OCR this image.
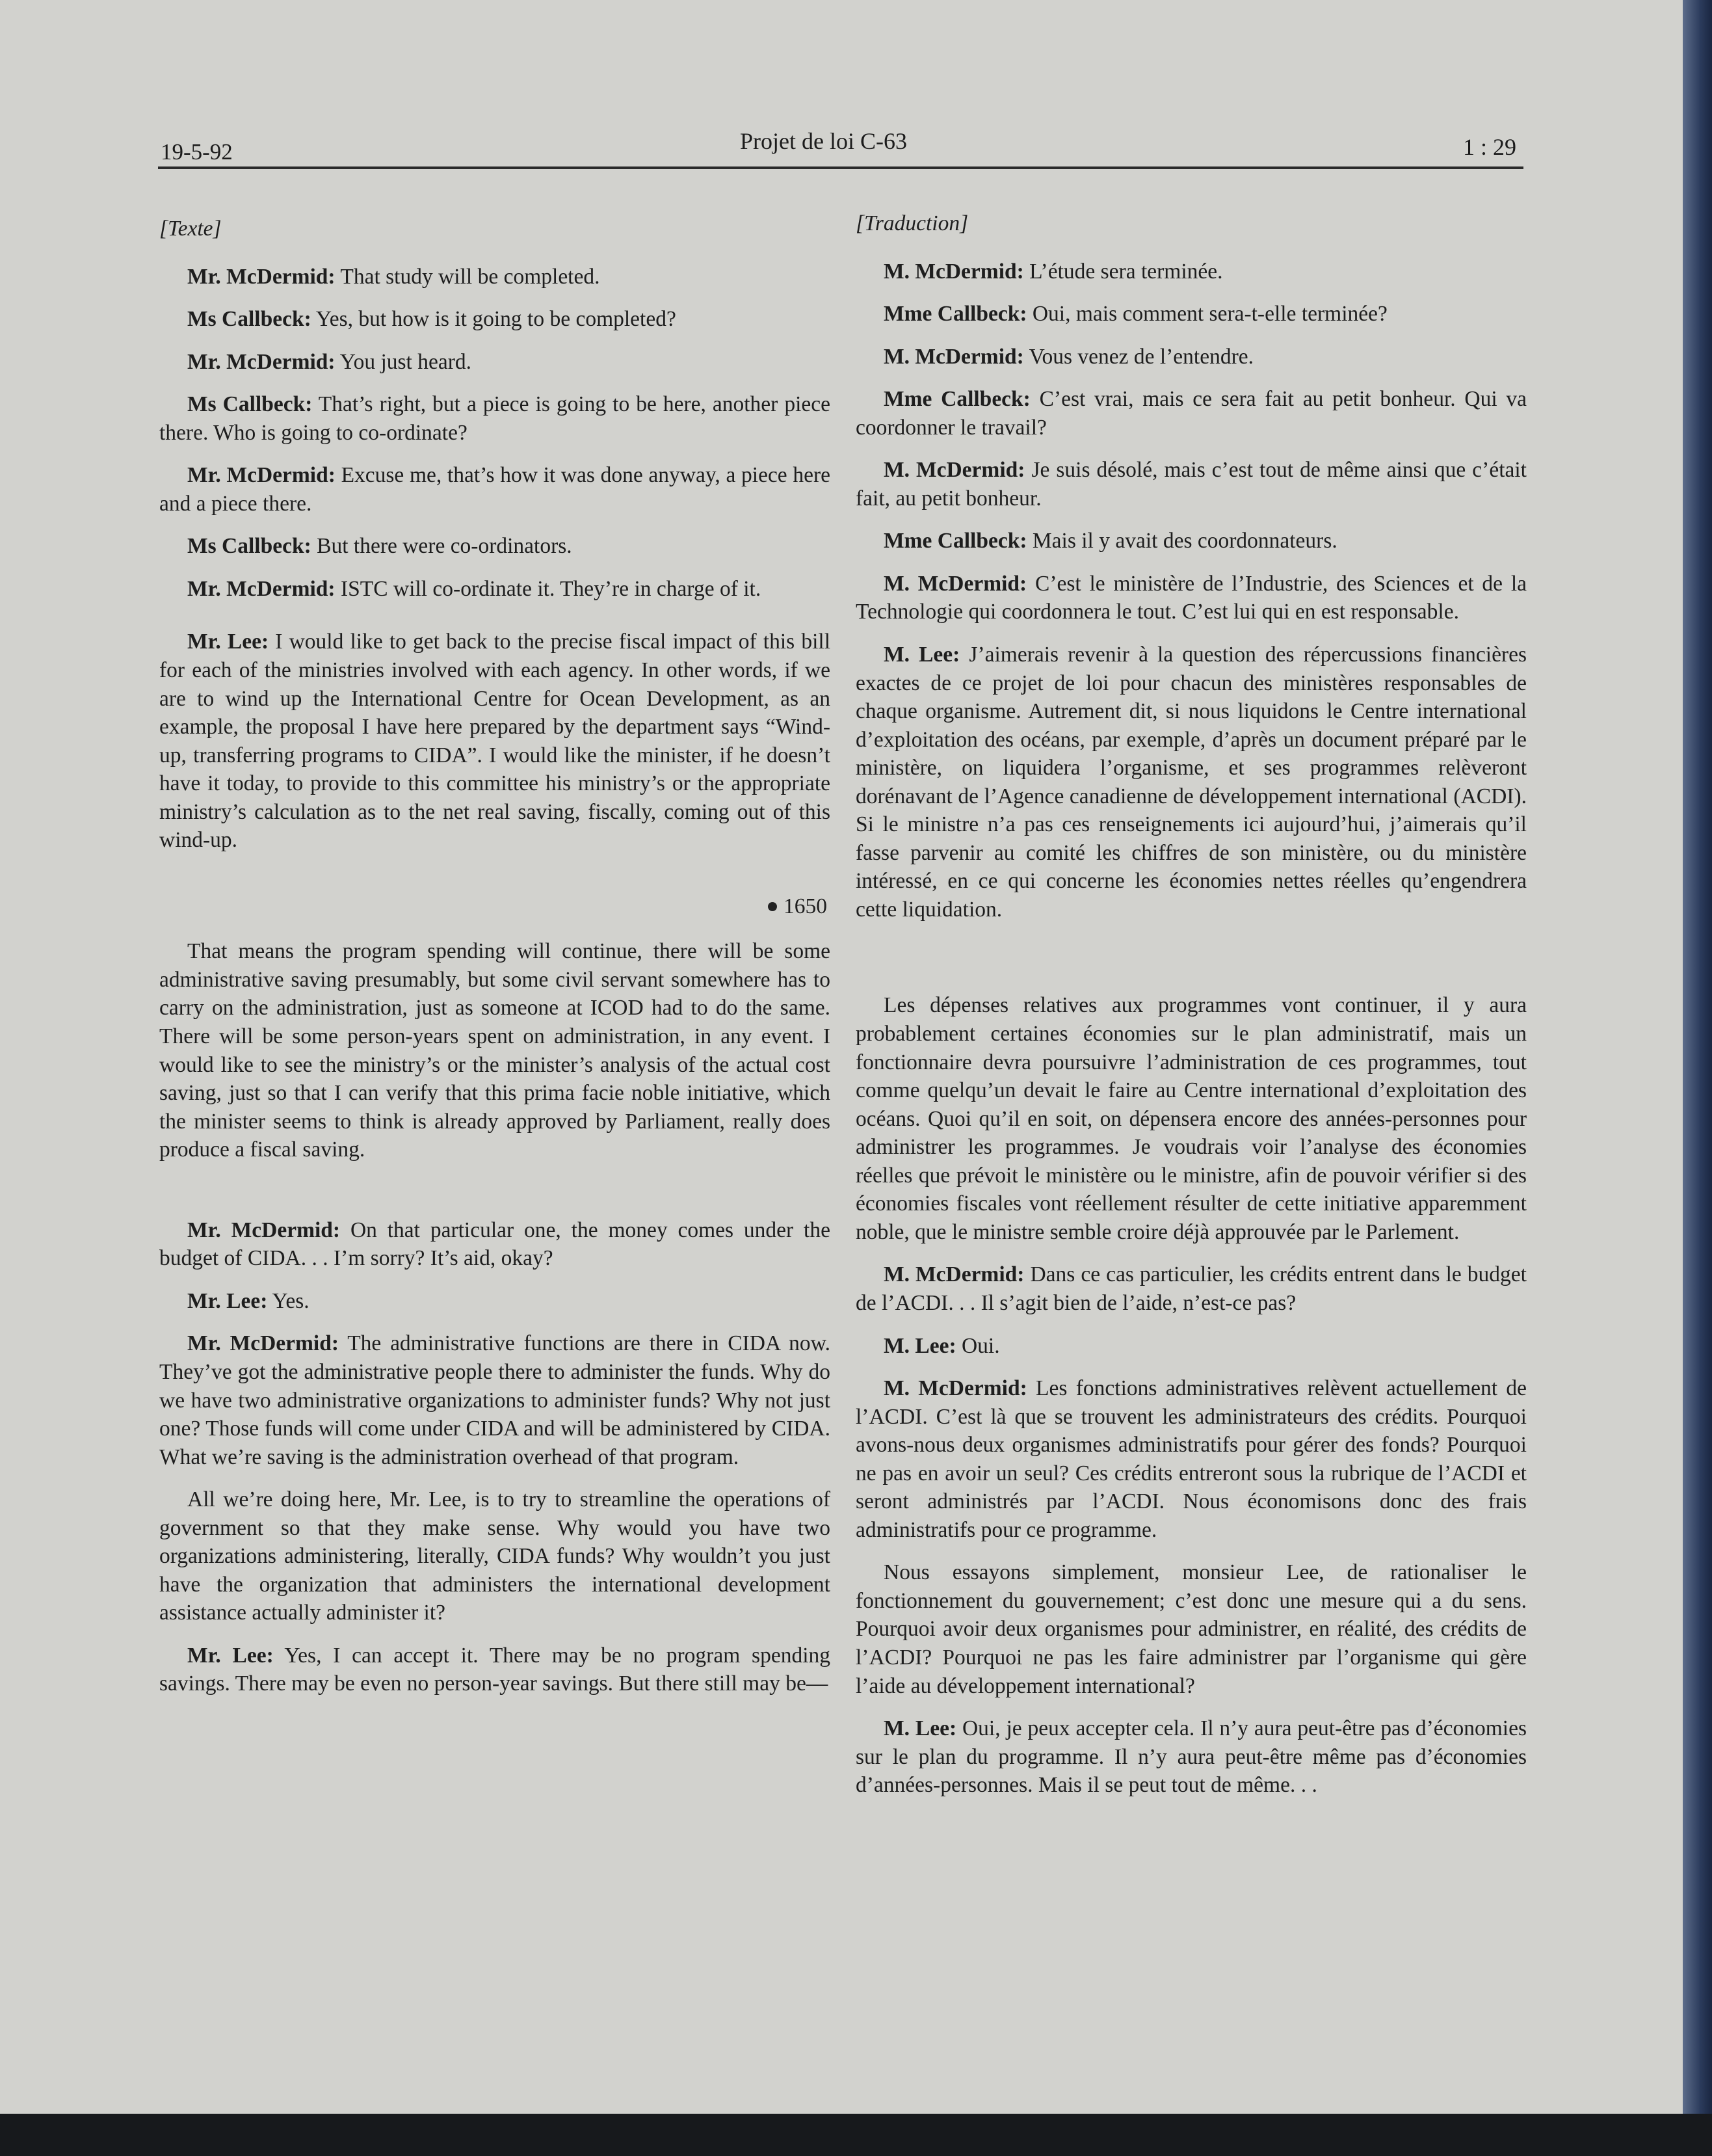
19-5-92	Projet de loi C-63	1 : 29
[Texte]

Mr. McDermid: That study will be completed.

Ms Callbeck: Yes, but how is it going to be completed?

Mr. McDermid: You just heard.

Ms Callbeck: That’s right, but a piece is going to be here, another piece there. Who is going to co-ordinate?

Mr. McDermid: Excuse me, that’s how it was done anyway, a piece here and a piece there.

Ms Callbeck: But there were co-ordinators.

Mr. McDermid: ISTC will co-ordinate it. They’re in charge of it.

Mr. Lee: I would like to get back to the precise fiscal impact of this bill for each of the ministries involved with each agency. In other words, if we are to wind up the International Centre for Ocean Development, as an example, the proposal I have here prepared by the department says “Wind-up, transferring programs to CIDA”. I would like the minister, if he doesn’t have it today, to provide to this committee his ministry’s or the appropriate ministry’s calculation as to the net real saving, fiscally, coming out of this wind-up.

1650

That means the program spending will continue, there will be some administrative saving presumably, but some civil servant somewhere has to carry on the administration, just as someone at ICOD had to do the same. There will be some person-years spent on administration, in any event. I would like to see the ministry’s or the minister’s analysis of the actual cost saving, just so that I can verify that this prima facie noble initiative, which the minister seems to think is already approved by Parliament, really does produce a fiscal saving.

Mr. McDermid: On that particular one, the money comes under the budget of CIDA. . . I’m sorry? It’s aid, okay?

Mr. Lee: Yes.

Mr. McDermid: The administrative functions are there in CIDA now. They’ve got the administrative people there to administer the funds. Why do we have two administrative organizations to administer funds? Why not just one? Those funds will come under CIDA and will be administered by CIDA. What we’re saving is the administration overhead of that program.

All we’re doing here, Mr. Lee, is to try to streamline the operations of government so that they make sense. Why would you have two organizations administering, literally, CIDA funds? Why wouldn’t you just have the organization that administers the international development assistance actually administer it?

Mr. Lee: Yes, I can accept it. There may be no program spending savings. There may be even no person-year savings. But there still may be—

[Traduction]

M. McDermid: L’étude sera terminée.

Mme Callbeck: Oui, mais comment sera-t-elle terminée?

M. McDermid: Vous venez de l’entendre.

Mme Callbeck: C’est vrai, mais ce sera fait au petit bonheur. Qui va coordonner le travail?

M. McDermid: Je suis désolé, mais c’est tout de même ainsi que c’était fait, au petit bonheur.

Mme Callbeck: Mais il y avait des coordonnateurs.

M. McDermid: C’est le ministère de l’Industrie, des Sciences et de la Technologie qui coordonnera le tout. C’est lui qui en est responsable.

M. Lee: J’aimerais revenir à la question des répercussions financières exactes de ce projet de loi pour chacun des ministères responsables de chaque organisme. Autrement dit, si nous liquidons le Centre international d’exploitation des océans, par exemple, d’après un document préparé par le ministère, on liquidera l’organisme, et ses programmes relèveront dorénavant de l’Agence canadienne de développement international (ACDI). Si le ministre n’a pas ces renseignements ici aujourd’hui, j’aimerais qu’il fasse parvenir au comité les chiffres de son ministère, ou du ministère intéressé, en ce qui concerne les économies nettes réelles qu’engendrera cette liquidation.

Les dépenses relatives aux programmes vont continuer, il y aura probablement certaines économies sur le plan administratif, mais un fonctionnaire devra poursuivre l’administration de ces programmes, tout comme quelqu’un devait le faire au Centre international d’exploitation des océans. Quoi qu’il en soit, on dépensera encore des années-personnes pour administrer les programmes. Je voudrais voir l’analyse des économies réelles que prévoit le ministère ou le ministre, afin de pouvoir vérifier si des économies fiscales vont réellement résulter de cette initiative apparemment noble, que le ministre semble croire déjà approuvée par le Parlement.

M. McDermid: Dans ce cas particulier, les crédits entrent dans le budget de l’ACDI. . . Il s’agit bien de l’aide, n’est-ce pas?

M. Lee: Oui.

M. McDermid: Les fonctions administratives relèvent actuellement de l’ACDI. C’est là que se trouvent les administrateurs des crédits. Pourquoi avons-nous deux organismes administratifs pour gérer des fonds? Pourquoi ne pas en avoir un seul? Ces crédits entreront sous la rubrique de l’ACDI et seront administrés par l’ACDI. Nous économisons donc des frais administratifs pour ce programme.

Nous essayons simplement, monsieur Lee, de rationaliser le fonctionnement du gouvernement; c’est donc une mesure qui a du sens. Pourquoi avoir deux organismes pour administrer, en réalité, des crédits de l’ACDI? Pourquoi ne pas les faire administrer par l’organisme qui gère l’aide au développement international?

M. Lee: Oui, je peux accepter cela. Il n’y aura peut-être pas d’économies sur le plan du programme. Il n’y aura peut-être même pas d’économies d’années-personnes. Mais il se peut tout de même. . .
